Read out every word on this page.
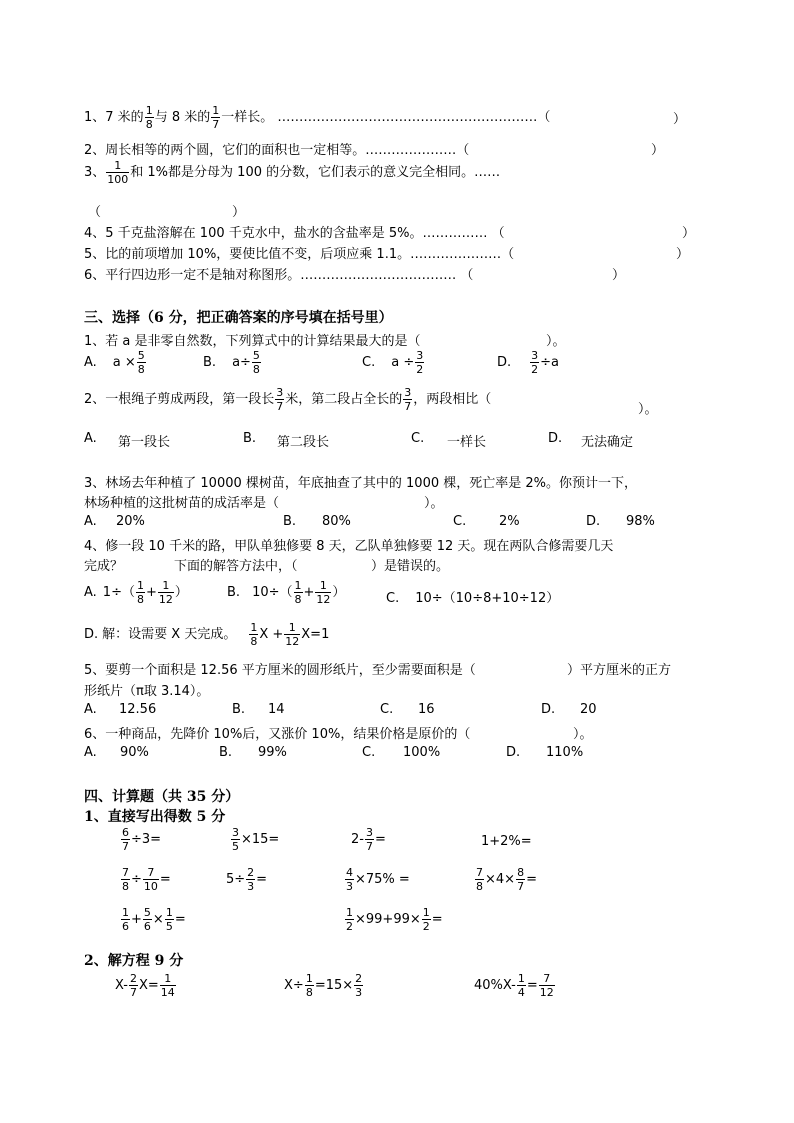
1、7 米的 $\frac{1}{8}$ 与 8 米的 $\frac{1}{7}$ 一样长。 ……………………………………………………（	）
2、周长相等的两个圆，它们的面积也一定相等。…………………（	）
3、 $\frac{1}{100}$ 和 1%都是分母为 100 的分数，它们表示的意义完全相同。……
（	）
4、5 千克盐溶解在 100 千克水中，盐水的含盐率是 5%。…………… （	）
5、比的前项增加 10%，要使比值不变，后项应乘 1.1。…………………（	）
6、平行四边形一定不是轴对称图形。……………………………… （	）
三、选择（6 分，把正确答案的序号填在括号里）
1、若 a 是非零自然数，下列算式中的计算结果最大的是（	）。
A. $a \times \frac{5}{8}$	B. $a\div \frac{5}{8}$	C. $a \div \frac{3}{2}$	D. $\frac{3}{2} \div a$
2、一根绳子剪成两段，第一段长 $\frac{3}{7}$ 米，第二段占全长的 $\frac{3}{7}$ ，两段相比（
）。
A. 第一段长	B. 第二段长	C. 一样长	D. 无法确定
3、林场去年种植了 10000 棵树苗，年底抽查了其中的 1000 棵，死亡率是 2%。你预计一下，
林场种植的这批树苗的成活率是（	）。
A. 20%	B. 80%	C.	2%	D. 98%
4、修一段 10 千米的路，甲队单独修要 8 天，乙队单独修要 12 天。现在两队合修需要几天
完成？	下面的解答方法中，（	）是错误的。
A. $1\div( \frac{1}{8} + \frac{1}{12}$ ）	B. $10\div( \frac{1}{8} + \frac{1}{12}$ ）	C. 10÷（10÷8+10÷12）
D. 解：设需要 X 天完成。 $\frac{1}{8}$ $X + \frac{1}{12} X=1$
5、要剪一个面积是 12.56 平方厘米的圆形纸片，至少需要面积是（	）平方厘米的正方
形纸片（π取 3.14）。
A. 12.56	B. 14	C. 16	D. 20
6、一种商品，先降价 10%后，又涨价 10%，结果价格是原价的（	）。
A. 90%	B. 99%	C. 100%	D. 110%
四、计算题（共 35 分）
1、直接写出得数 5 分
$\frac{6}{7} \div 3=$	$\frac{3}{5} \times 15=$	$2- \frac{3}{7}$ =	1+2%=
$\frac{7}{8} \div \frac{7}{10}$ =	$5\div \frac{2}{3}$ =	$\frac{4}{3} \times 75\%$ =	$\frac{7}{8} \times 4\times \frac{8}{7}$ =
$\frac{1}{6} + \frac{5}{6} \times \frac{1}{5}$ =	$\frac{1}{2} \times 99+99\times \frac{1}{2}$ =
2、解方程 9 分
$X- \frac{2}{7} X= \frac{1}{14}$	$X\div \frac{1}{8} =15\times \frac{2}{3}$	$40\%X- \frac{1}{4} = \frac{7}{12}$
